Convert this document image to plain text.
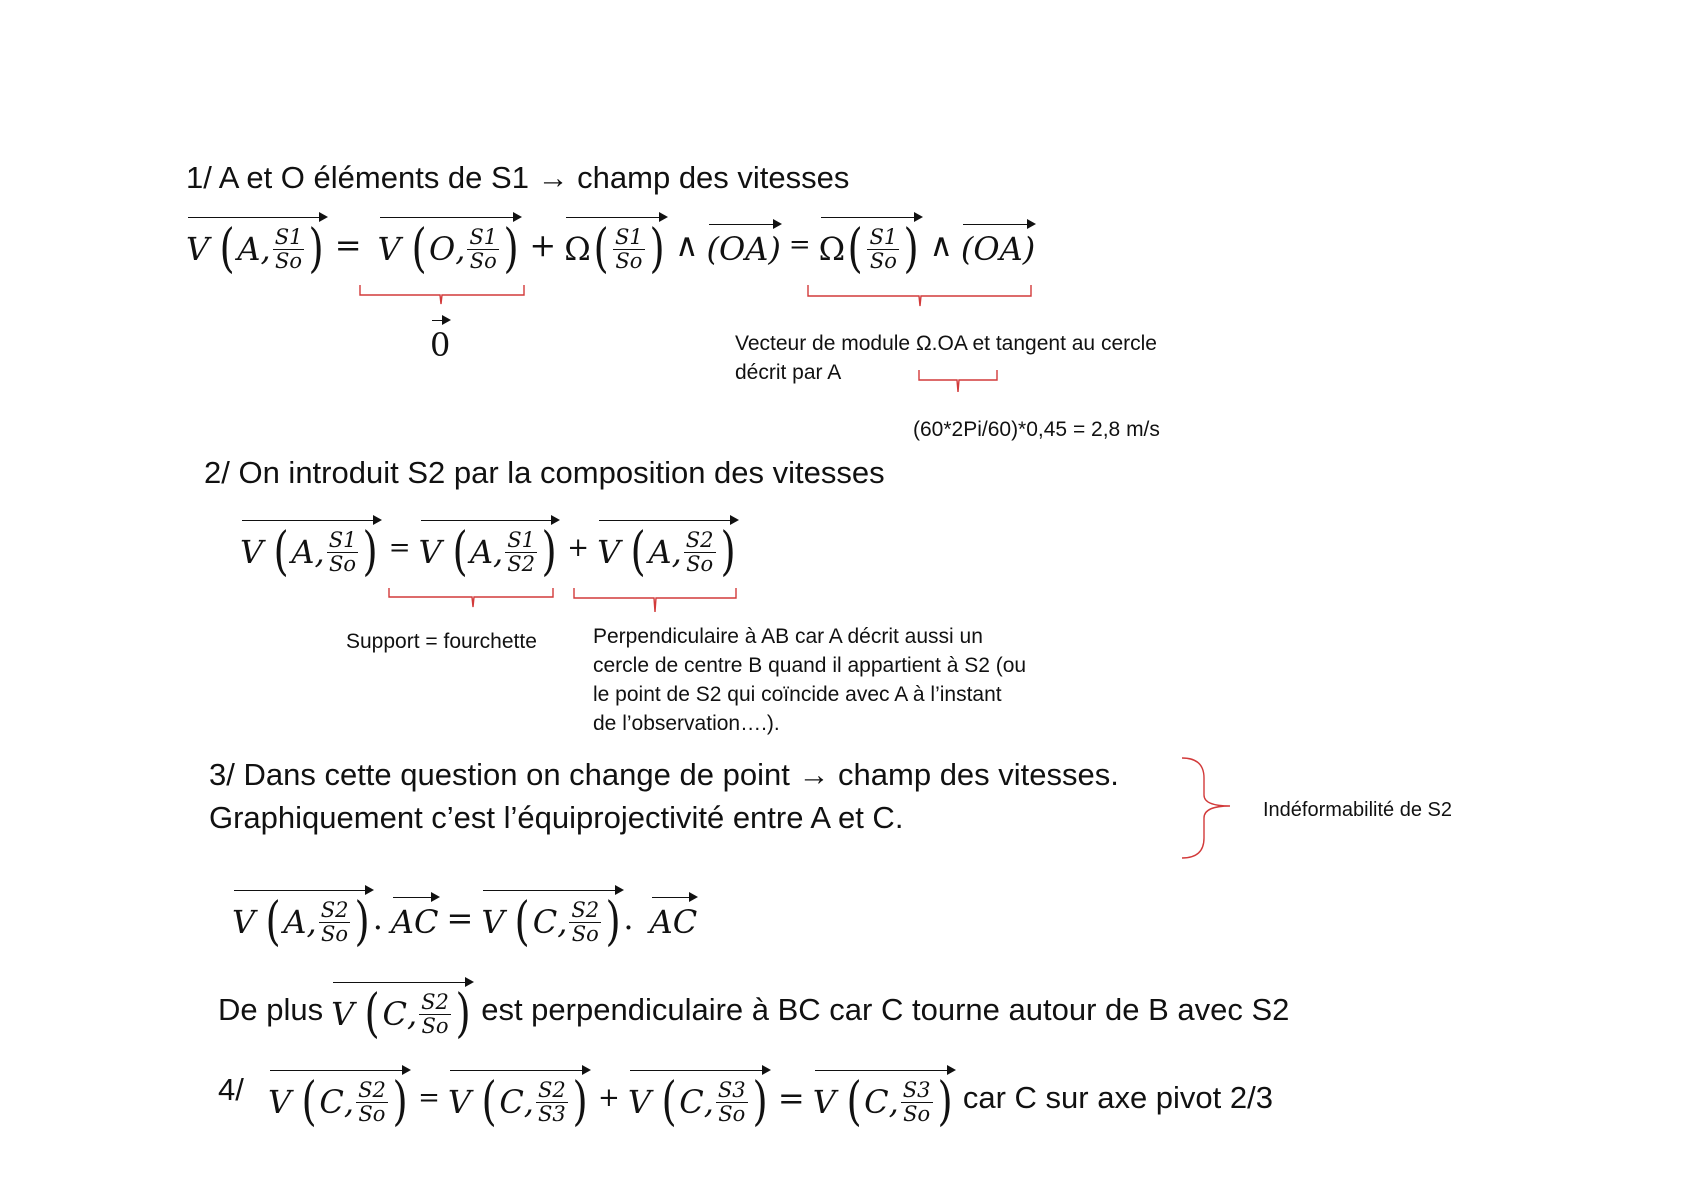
1/ A et O éléments de S1 → champ des vitesses
V ( A , $\frac{S1}{So}$ ) = V ( O , $\frac{S1}{So}$ ) + Ω ( $\frac{S1}{So}$ ) ∧ (OA) = Ω ( $\frac{S1}{So}$ ) ∧ (OA)
0	Vecteur de module Ω.OA et tangent au cercle
décrit par A
(60*2Pi/60)*0,45 = 2,8 m/s
2/ On introduit S2 par la composition des vitesses
V ( A , $\frac{S1}{So}$ ) = V ( A , $\frac{S1}{S2}$ ) + V ( A , $\frac{S2}{So}$ )
Support = fourchette	Perpendiculaire à AB car A décrit aussi un
cercle de centre B quand il appartient à S2 (ou
le point de S2 qui coïncide avec A à l’instant
de l’observation….).
3/ Dans cette question on change de point → champ des vitesses.
Graphiquement c’est l’équiprojectivité entre A et C.	Indéformabilité de S2
V ( A , $\frac{S2}{So}$ ) . AC = V ( C , $\frac{S2}{So}$ ) . AC
De plus V ( C , $\frac{S2}{So}$ ) est perpendiculaire à BC car C tourne autour de B avec S2
4/ V ( C , $\frac{S2}{So}$ ) = V ( C , $\frac{S2}{S3}$ ) + V ( C , $\frac{S3}{So}$ ) = V ( C , $\frac{S3}{So}$ ) car C sur axe pivot 2/3
